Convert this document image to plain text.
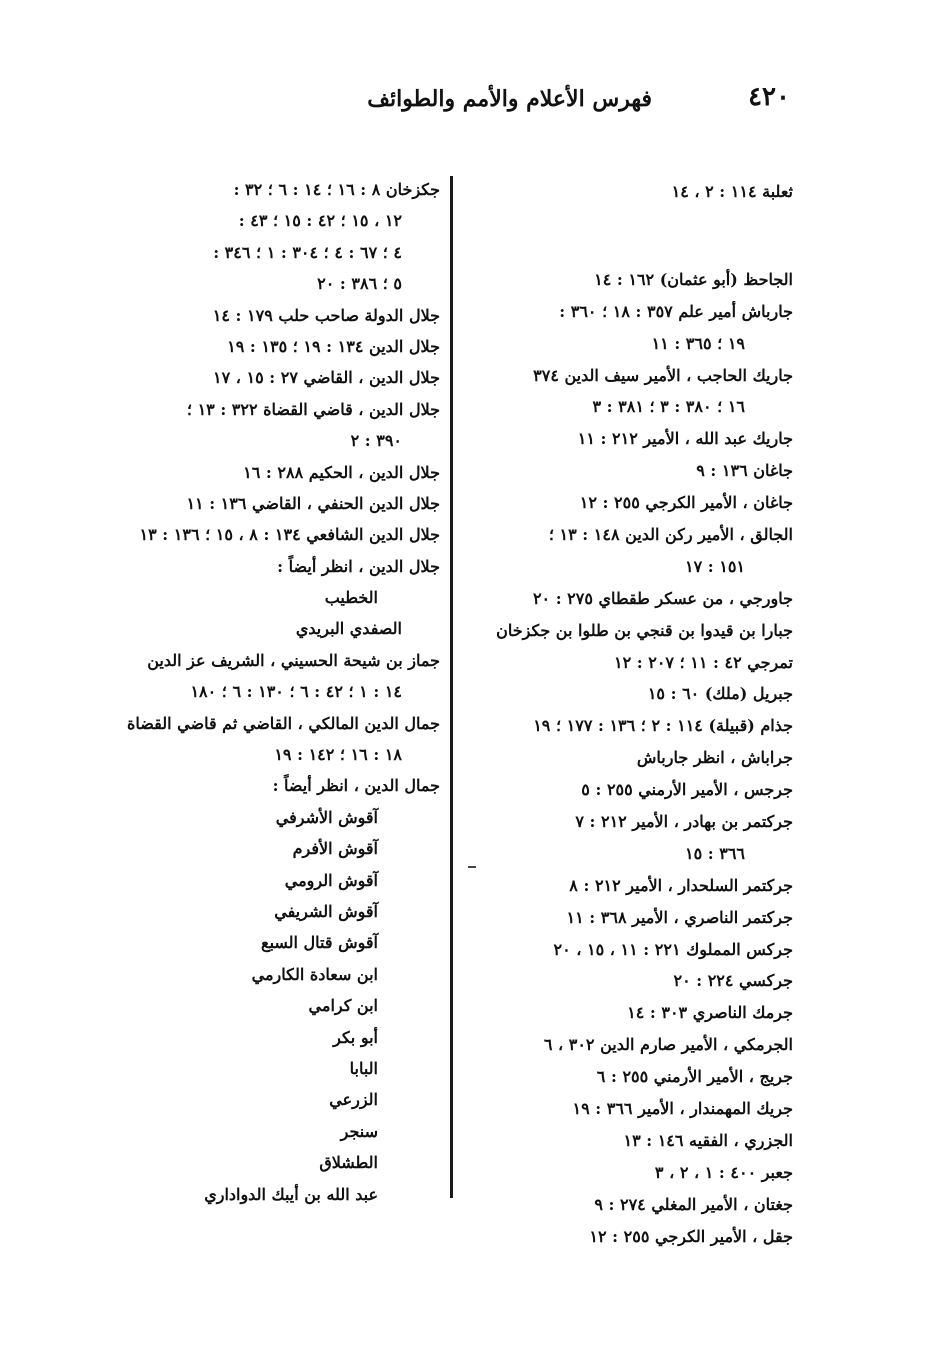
٤٢٠
فهرس الأعلام والأمم والطوائف
ثعلبة ١١٤ : ٢ ، ١٤
الجاحظ (أبو عثمان) ١٦٢ : ١٤
جارباش أمير علم ٣٥٧ : ١٨ ؛ ٣٦٠ :
١٩ ؛ ٣٦٥ : ١١
جاريك الحاجب ، الأمير سيف الدين ٣٧٤
١٦ ؛ ٣٨٠ : ٣ ؛ ٣٨١ : ٣
جاريك عبد الله ، الأمير ٢١٢ : ١١
جاغان ١٣٦ : ٩
جاغان ، الأمير الكرجي ٢٥٥ : ١٢
الجالق ، الأمير ركن الدين ١٤٨ : ١٣ ؛
١٥١ : ١٧
جاورجي ، من عسكر طقطاي ٢٧٥ : ٢٠
جبارا بن قيدوا بن قنجي بن طلوا بن جكزخان
تمرجي ٤٢ : ١١ ؛ ٢٠٧ : ١٢
جبريل (ملك) ٦٠ : ١٥
جذام (قبيلة) ١١٤ : ٢ ؛ ١٣٦ : ١٧٧ ؛ ١٩
جراباش ، انظر جارباش
جرجس ، الأمير الأرمني ٢٥٥ : ٥
جركتمر بن بهادر ، الأمير ٢١٢ : ٧
٣٦٦ : ١٥
جركتمر السلحدار ، الأمير ٢١٢ : ٨
جركتمر الناصري ، الأمير ٣٦٨ : ١١
جركس المملوك ٢٢١ : ١١ ، ١٥ ، ٢٠
جركسي ٢٢٤ : ٢٠
جرمك الناصري ٣٠٣ : ١٤
الجرمكي ، الأمير صارم الدين ٣٠٢ ، ٦
جريج ، الأمير الأرمني ٢٥٥ : ٦
جريك المهمندار ، الأمير ٣٦٦ : ١٩
الجزري ، الفقيه ١٤٦ : ١٣
جعبر ٤٠٠ : ١ ، ٢ ، ٣
جغتان ، الأمير المغلي ٢٧٤ : ٩
جقل ، الأمير الكرجي ٢٥٥ : ١٢
جكزخان ٨ : ١٦ ؛ ١٤ : ٦ ؛ ٣٢ :
١٢ ، ١٥ ؛ ٤٢ : ١٥ ؛ ٤٣ :
٤ ؛ ٦٧ : ٤ ؛ ٣٠٤ : ١ ؛ ٣٤٦ :
٥ ؛ ٣٨٦ : ٢٠
جلال الدولة صاحب حلب ١٧٩ : ١٤
جلال الدين ١٣٤ : ١٩ ؛ ١٣٥ : ١٩
جلال الدين ، القاضي ٢٧ : ١٥ ، ١٧
جلال الدين ، قاضي القضاة ٣٢٢ : ١٣ ؛
٣٩٠ : ٢
جلال الدين ، الحكيم ٢٨٨ : ١٦
جلال الدين الحنفي ، القاضي ١٣٦ : ١١
جلال الدين الشافعي ١٣٤ : ٨ ، ١٥ ؛ ١٣٦ : ١٣
جلال الدين ، انظر أيضاً :
الخطيب
الصفدي البريدي
جماز بن شيحة الحسيني ، الشريف عز الدين
١٤ : ١ ؛ ٤٢ : ٦ ؛ ١٣٠ : ٦ ؛ ١٨٠
جمال الدين المالكي ، القاضي ثم قاضي القضاة
١٨ : ١٦ ؛ ١٤٢ : ١٩
جمال الدين ، انظر أيضاً :
آقوش الأشرفي
آقوش الأفرم
آقوش الرومي
آقوش الشريفي
آقوش قتال السبع
ابن سعادة الكارمي
ابن كرامي
أبو بكر
البابا
الزرعي
سنجر
الطشلاق
عبد الله بن أيبك الدواداري
